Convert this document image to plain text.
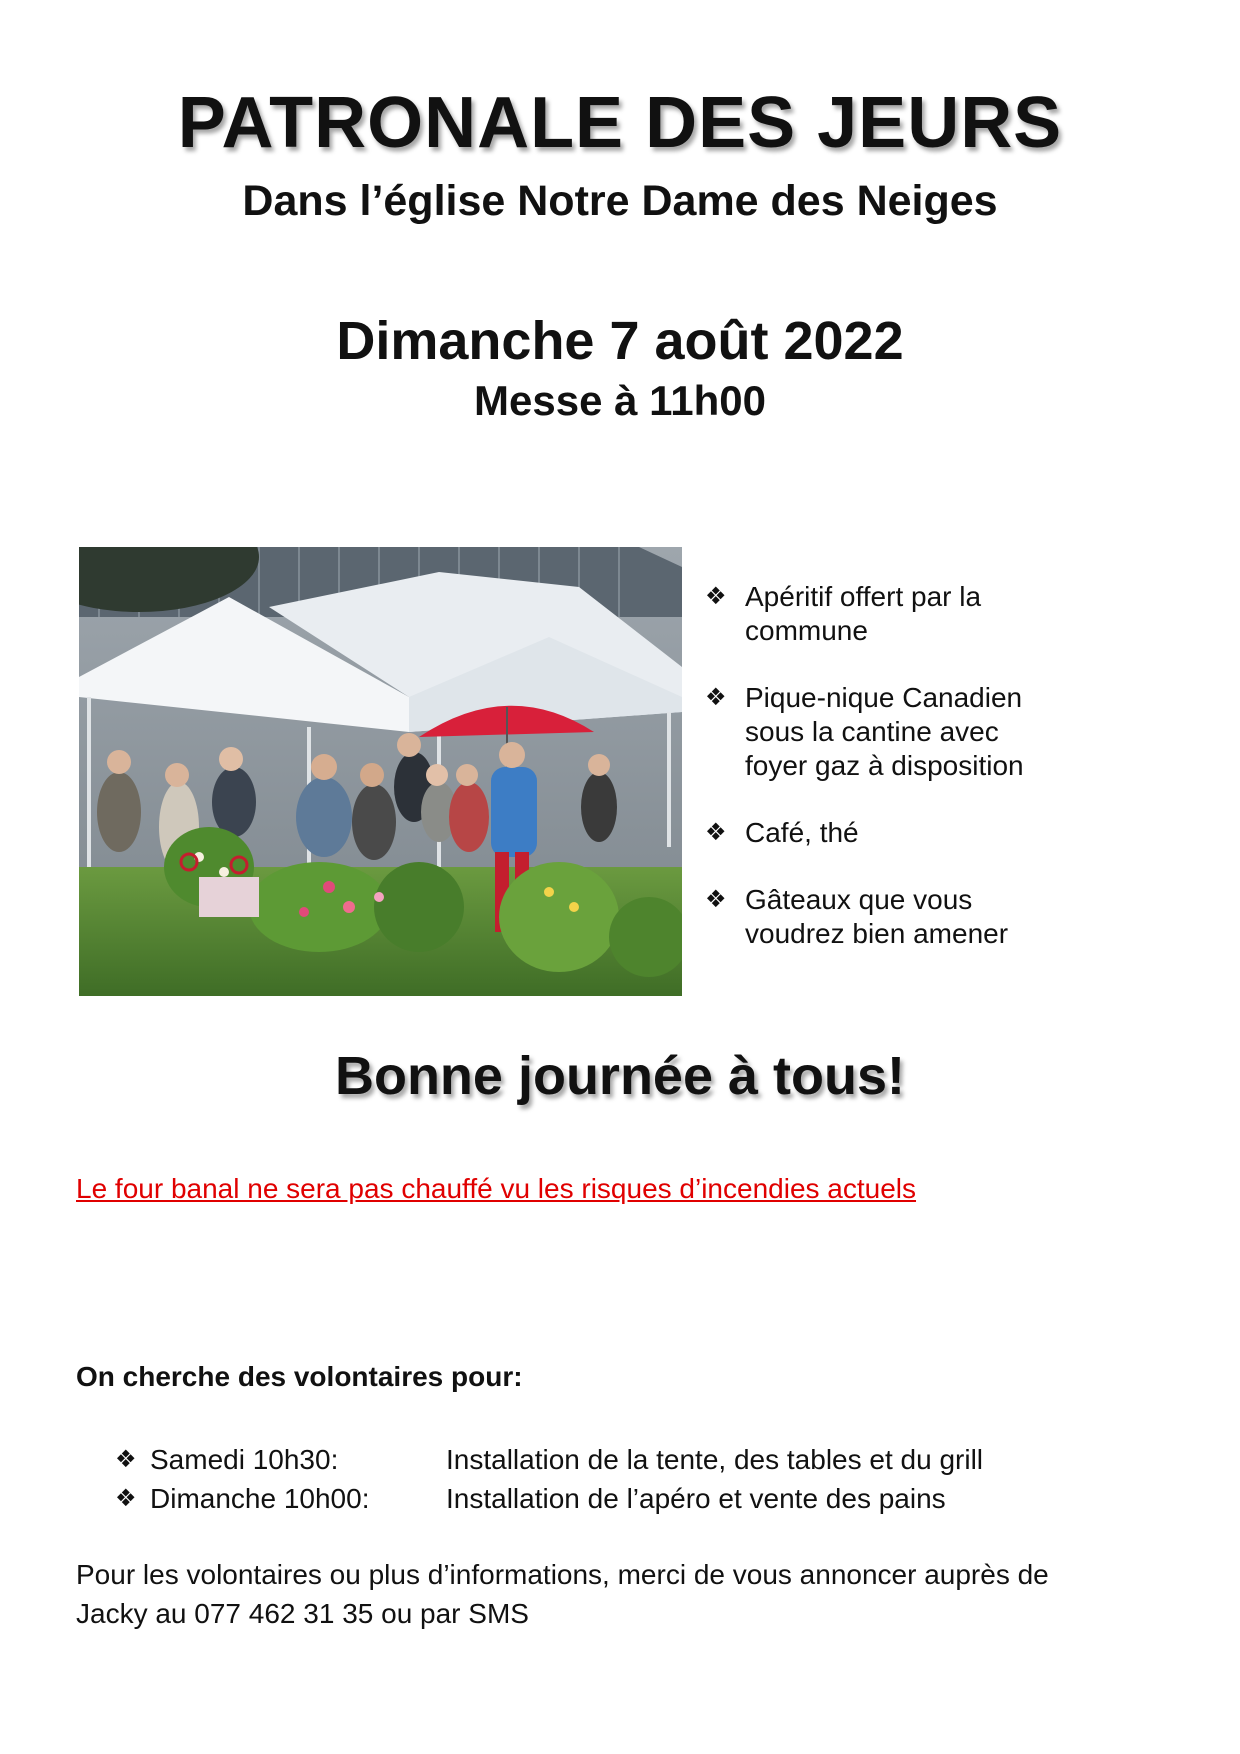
PATRONALE DES JEURS
Dans l’église Notre Dame des Neiges
Dimanche 7 août 2022
Messe à 11h00
❖ Apéritif offert par la
commune
❖ Pique-nique Canadien
sous la cantine avec
foyer gaz à disposition
❖ Café, thé
❖ Gâteaux que vous
voudrez bien amener
Bonne journée à tous!

Le four banal ne sera pas chauffé vu les risques d’incendies actuels

On cherche des volontaires pour:

❖ Samedi 10h30:	Installation de la tente, des tables et du grill
❖ Dimanche 10h00:	Installation de l’apéro et vente des pains

Pour les volontaires ou plus d’informations, merci de vous annoncer auprès de
Jacky au 077 462 31 35 ou par SMS
